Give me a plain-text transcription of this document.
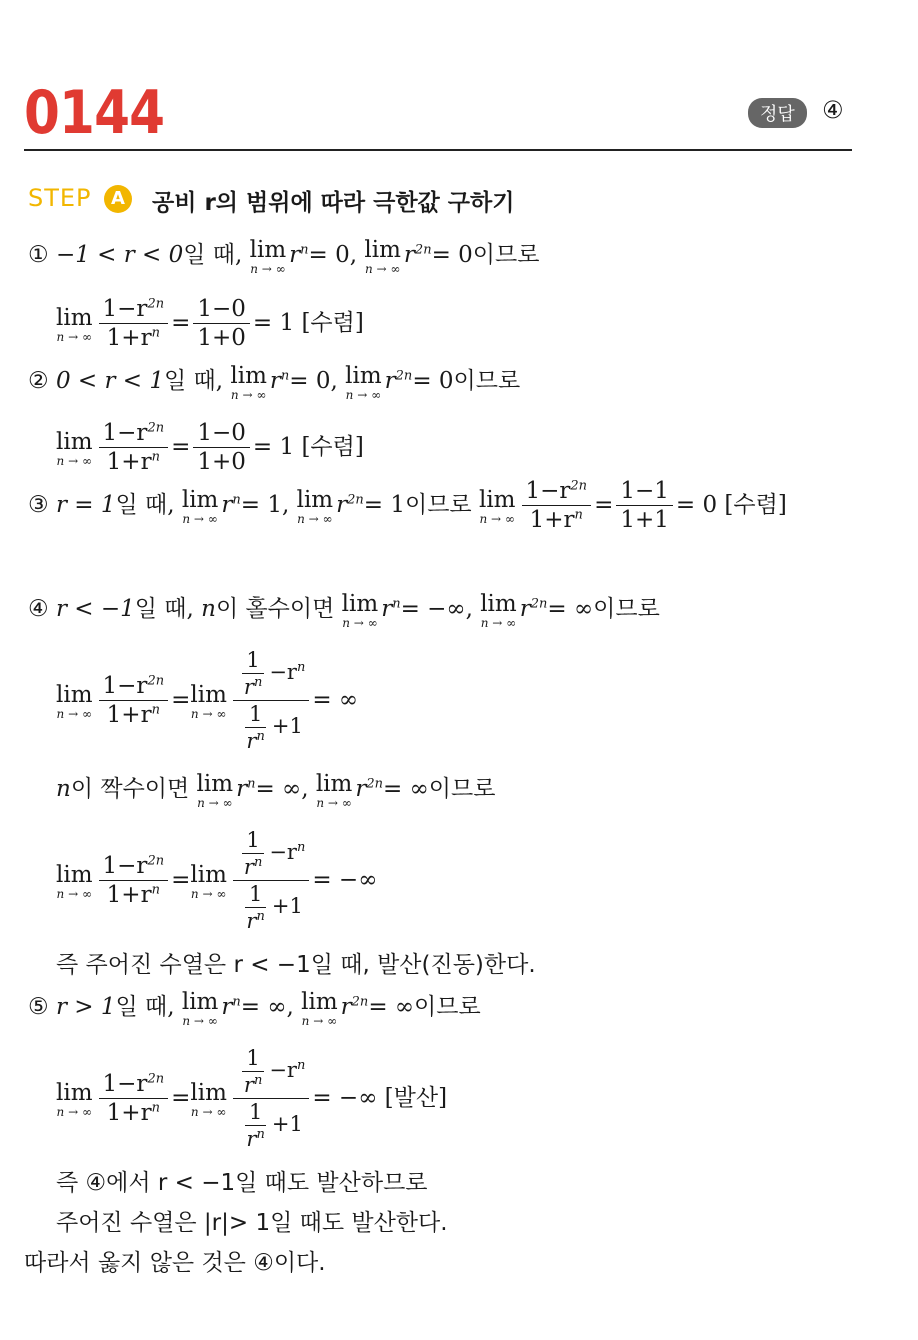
0144	정답	④
STEP	A	공비 r의 범위에 따라 극한값 구하기
① −1 < r < 0일 때, lim
n → ∞
$r^n= 0$, lim
n → ∞
$r^{2n}= 0$이므로
lim
n → ∞ $\frac{1-r^{2n}}{1+r^n} = \frac{1-0}{1+0} = 1$ [수렴]
② 0 < r < 1일 때, lim
n → ∞
$r^n= 0$, lim
n → ∞
$r^{2n}= 0$이므로
lim
n → ∞ $\frac{1-r^{2n}}{1+r^n} = \frac{1-0}{1+0} = 1$ [수렴]
③ r = 1일 때, lim
n → ∞
$r^n= 1$, lim
n → ∞
$r^{2n}= 1$이므로 lim
n → ∞ $\frac{1-r^{2n}}{1+r^n} = \frac{1-1}{1+1} = 0$ [수렴]
④ r < −1일 때, n이 홀수이면 lim
n → ∞
$r^n=$ −∞, lim
n → ∞
$r^{2n}=$ ∞이므로
lim
n → ∞ $\frac{1-r^{2n}}{1+r^n} = \lim$
n → ∞ $\frac{\frac{1}{r^n} -r^n}{\frac{1}{r^n} +1}$ = ∞
n이 짝수이면 lim
n → ∞
$r^n=$ ∞, lim
n → ∞
$r^{2n}=$ ∞이므로
lim
n → ∞ $\frac{1-r^{2n}}{1+r^n} = \lim$
n → ∞ $\frac{\frac{1}{r^n} -r^n}{\frac{1}{r^n} +1}$ = −∞
즉 주어진 수열은 r < −1일 때, 발산(진동)한다.
⑤ r > 1일 때, lim
n → ∞
$r^n=$ ∞, lim
n → ∞
$r^{2n}=$ ∞이므로
lim
n → ∞ $\frac{1-r^{2n}}{1+r^n} = \lim$
n → ∞ $\frac{\frac{1}{r^n} -r^n}{\frac{1}{r^n} +1}$ = −∞ [발산]
즉 ④에서 r < −1일 때도 발산하므로
주어진 수열은 |r|> 1일 때도 발산한다.
따라서 옳지 않은 것은 ④이다.
